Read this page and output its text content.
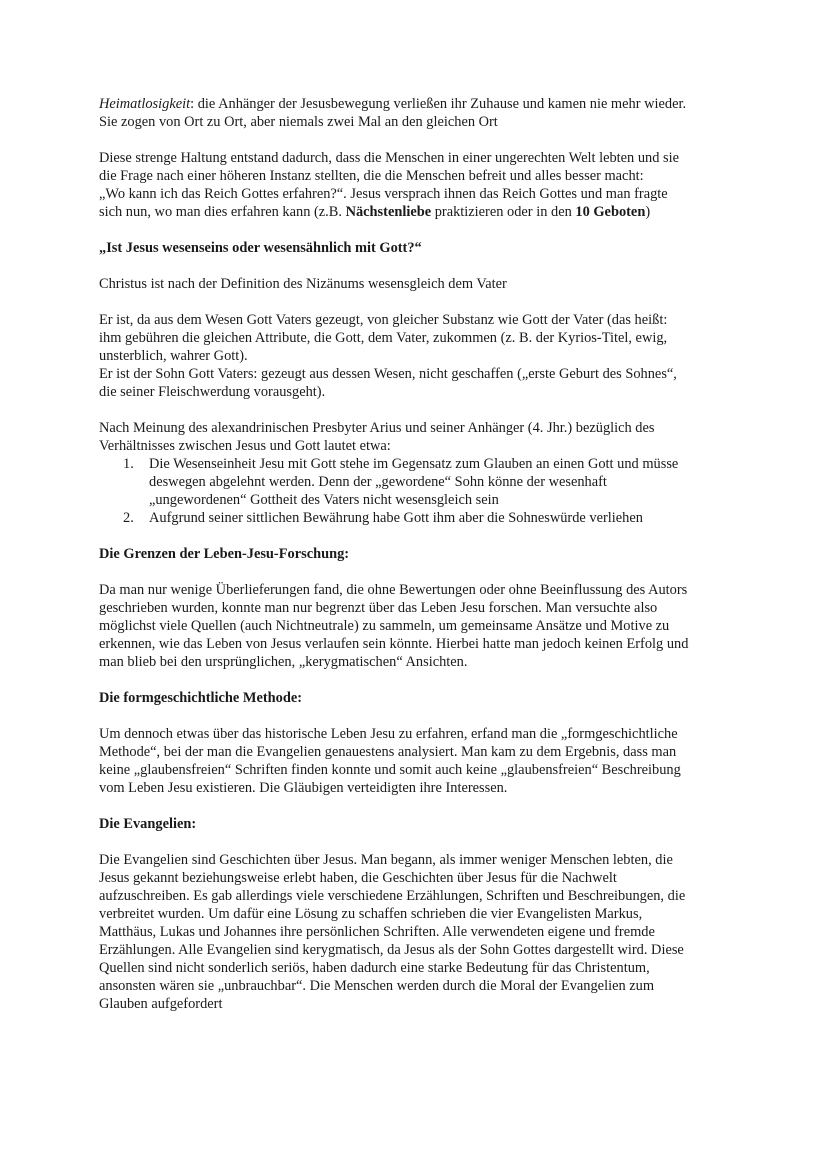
Heimatlosigkeit: die Anhänger der Jesusbewegung verließen ihr Zuhause und kamen nie mehr wieder.
Sie zogen von Ort zu Ort, aber niemals zwei Mal an den gleichen Ort

Diese strenge Haltung entstand dadurch, dass die Menschen in einer ungerechten Welt lebten und sie
die Frage nach einer höheren Instanz stellten, die die Menschen befreit und alles besser macht:
„Wo kann ich das Reich Gottes erfahren?“. Jesus versprach ihnen das Reich Gottes und man fragte
sich nun, wo man dies erfahren kann (z.B. Nächstenliebe praktizieren oder in den 10 Geboten)

„Ist Jesus wesenseins oder wesensähnlich mit Gott?“

Christus ist nach der Definition des Nizänums wesensgleich dem Vater

Er ist, da aus dem Wesen Gott Vaters gezeugt, von gleicher Substanz wie Gott der Vater (das heißt:
ihm gebühren die gleichen Attribute, die Gott, dem Vater, zukommen (z. B. der Kyrios-Titel, ewig,
unsterblich, wahrer Gott).
Er ist der Sohn Gott Vaters: gezeugt aus dessen Wesen, nicht geschaffen („erste Geburt des Sohnes“,
die seiner Fleischwerdung vorausgeht).

Nach Meinung des alexandrinischen Presbyter Arius und seiner Anhänger (4. Jhr.) bezüglich des
Verhältnisses zwischen Jesus und Gott lautet etwa:

1. Die Wesenseinheit Jesu mit Gott stehe im Gegensatz zum Glauben an einen Gott und müsse
deswegen abgelehnt werden. Denn der „gewordene“ Sohn könne der wesenhaft
„ungewordenen“ Gottheit des Vaters nicht wesensgleich sein
2. Aufgrund seiner sittlichen Bewährung habe Gott ihm aber die Sohneswürde verliehen

Die Grenzen der Leben-Jesu-Forschung:

Da man nur wenige Überlieferungen fand, die ohne Bewertungen oder ohne Beeinflussung des Autors
geschrieben wurden, konnte man nur begrenzt über das Leben Jesu forschen. Man versuchte also
möglichst viele Quellen (auch Nichtneutrale) zu sammeln, um gemeinsame Ansätze und Motive zu
erkennen, wie das Leben von Jesus verlaufen sein könnte. Hierbei hatte man jedoch keinen Erfolg und
man blieb bei den ursprünglichen, „kerygmatischen“ Ansichten.

Die formgeschichtliche Methode:

Um dennoch etwas über das historische Leben Jesu zu erfahren, erfand man die „formgeschichtliche
Methode“, bei der man die Evangelien genauestens analysiert. Man kam zu dem Ergebnis, dass man
keine „glaubensfreien“ Schriften finden konnte und somit auch keine „glaubensfreien“ Beschreibung
vom Leben Jesu existieren. Die Gläubigen verteidigten ihre Interessen.

Die Evangelien:

Die Evangelien sind Geschichten über Jesus. Man begann, als immer weniger Menschen lebten, die
Jesus gekannt beziehungsweise erlebt haben, die Geschichten über Jesus für die Nachwelt
aufzuschreiben. Es gab allerdings viele verschiedene Erzählungen, Schriften und Beschreibungen, die
verbreitet wurden. Um dafür eine Lösung zu schaffen schrieben die vier Evangelisten Markus,
Matthäus, Lukas und Johannes ihre persönlichen Schriften. Alle verwendeten eigene und fremde
Erzählungen. Alle Evangelien sind kerygmatisch, da Jesus als der Sohn Gottes dargestellt wird. Diese
Quellen sind nicht sonderlich seriös, haben dadurch eine starke Bedeutung für das Christentum,
ansonsten wären sie „unbrauchbar“. Die Menschen werden durch die Moral der Evangelien zum
Glauben aufgefordert
